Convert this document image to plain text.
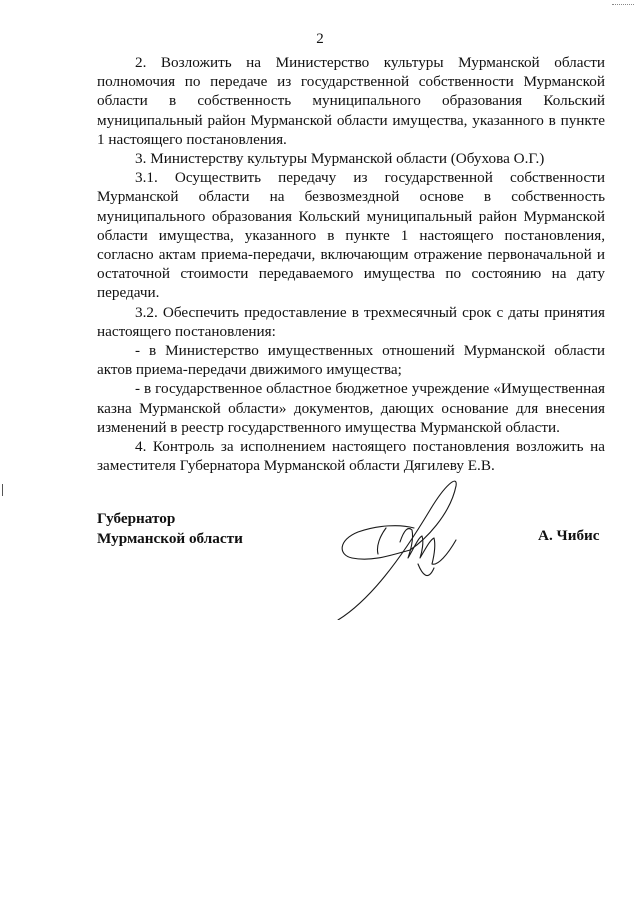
2

2. Возложить на Министерство культуры Мурманской области полномочия по передаче из государственной собственности Мурманской области в собственность муниципального образования Кольский муниципальный район Мурманской области имущества, указанного в пункте 1 настоящего постановления.

3. Министерству культуры Мурманской области (Обухова О.Г.)

3.1. Осуществить передачу из государственной собственности Мурманской области на безвозмездной основе в собственность муниципального образования Кольский муниципальный район Мурманской области имущества, указанного в пункте 1 настоящего постановления, согласно актам приема-передачи, включающим отражение первоначальной и остаточной стоимости передаваемого имущества по состоянию на дату передачи.

3.2. Обеспечить предоставление в трехмесячный срок с даты принятия настоящего постановления:

- в Министерство имущественных отношений Мурманской области актов приема-передачи движимого имущества;

- в государственное областное бюджетное учреждение «Имущественная казна Мурманской области» документов, дающих основание для внесения изменений в реестр государственного имущества Мурманской области.

4. Контроль за исполнением настоящего постановления возложить на заместителя Губернатора Мурманской области Дягилеву Е.В.

Губернатор
Мурманской области	А. Чибис
